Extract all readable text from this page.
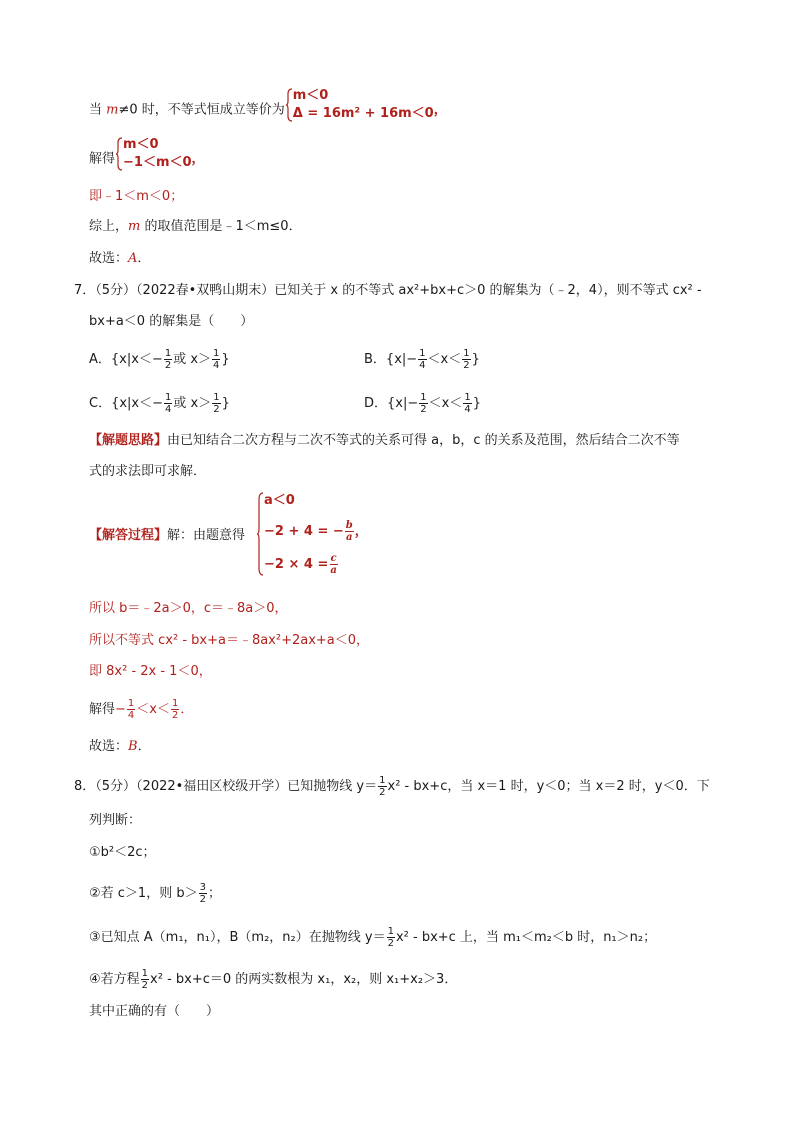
当 m≠0 时，不等式恒成立等价为
m＜0
Δ = 16m² + 16m＜0 ，
解得
m＜0
−1＜m＜0 ，
即﹣1＜m＜0；
综上，m 的取值范围是﹣1＜m≤0．
故选：A．
7．（5分）（2022春•双鸭山期末）已知关于 x 的不等式 ax²+bx+c＞0 的解集为（﹣2，4），则不等式 cx² -
bx+a＜0 的解集是（　　）
A．{$x|x<- \frac{1}{2}$ 或 $x> \frac{1}{4}$ }	B．{$x|- \frac{1}{4} <x< \frac{1}{2}$ }
C．{$x|x<- \frac{1}{4}$ 或 $x> \frac{1}{2}$ }	D．{$x|- \frac{1}{2} <x< \frac{1}{4}$ }
【解题思路】由已知结合二次方程与二次不等式的关系可得 a，b，c 的关系及范围，然后结合二次不等
式的求法即可求解．
【解答过程】解：由题意得
a＜0
−2 + 4 = − $\frac{b}{a}$ ，
$-2 \times 4 = \frac{c}{a}$
所以 b＝﹣2a＞0，c＝﹣8a＞0，
所以不等式 cx² - bx+a＝﹣8ax²+2ax+a＜0，
即 8x² - 2x - 1＜0，
解得− $\frac{1}{4} <x< \frac{1}{2}$ ．
故选：B．
8．（5分）（2022•福田区校级开学）已知抛物线 $y= \frac{1}{2} x^2 - bx+c$，当 x＝1 时，y＜0；当 x＝2 时，y＜0．下
列判断：
①b²＜2c；
②若 c＞1，则 $b> \frac{3}{2}$ ；
③已知点 A（m₁，n₁），B（m₂，n₂）在抛物线 $y= \frac{1}{2} x^2 - bx+c$ 上，当 m₁＜m₂＜b 时，n₁＞n₂；
④若方程 $\frac{1}{2} x^2 - bx+c=0$ 的两实数根为 x₁，x₂，则 x₁+x₂＞3．
其中正确的有（　　）
